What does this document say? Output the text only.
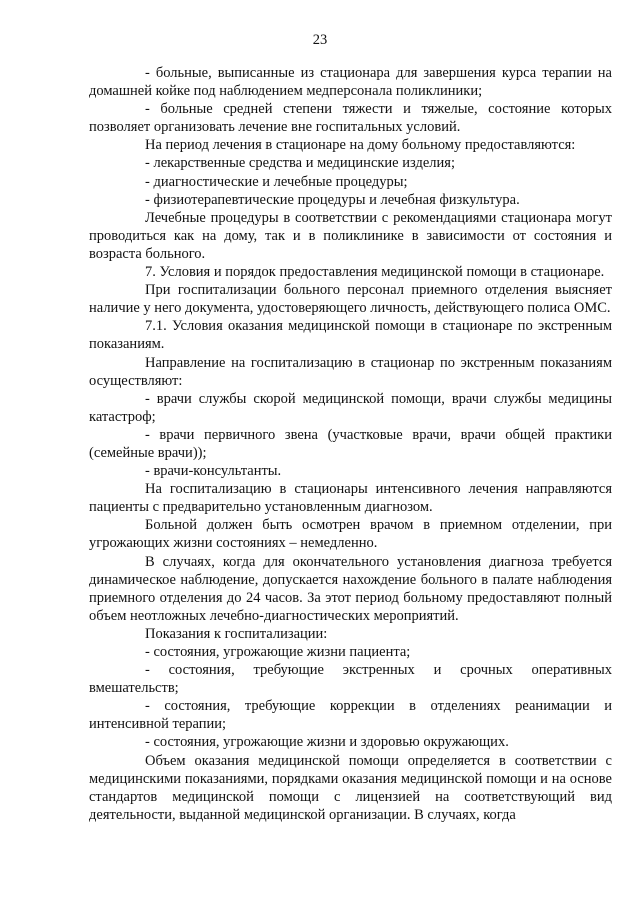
23

- больные, выписанные из стационара для завершения курса терапии на домашней койке под наблюдением медперсонала поликлиники;

- больные средней степени тяжести и тяжелые, состояние которых позволяет организовать лечение вне госпитальных условий.

На период лечения в стационаре на дому больному предоставляются:

- лекарственные средства и медицинские изделия;

- диагностические и лечебные процедуры;

- физиотерапевтические процедуры и лечебная физкультура.

Лечебные процедуры в соответствии с рекомендациями стационара могут проводиться как на дому, так и в поликлинике в зависимости от состояния и возраста больного.

7. Условия и порядок предоставления медицинской помощи в стационаре.

При госпитализации больного персонал приемного отделения выясняет наличие у него документа, удостоверяющего личность, действующего полиса ОМС.

7.1. Условия оказания медицинской помощи в стационаре по экстренным показаниям.

Направление на госпитализацию в стационар по экстренным показаниям осуществляют:

- врачи службы скорой медицинской помощи, врачи службы медицины катастроф;

- врачи первичного звена (участковые врачи, врачи общей практики (семейные врачи));

- врачи-консультанты.

На госпитализацию в стационары интенсивного лечения направляются пациенты с предварительно установленным диагнозом.

Больной должен быть осмотрен врачом в приемном отделении, при угрожающих жизни состояниях – немедленно.

В случаях, когда для окончательного установления диагноза требуется динамическое наблюдение, допускается нахождение больного в палате наблюдения приемного отделения до 24 часов. За этот период больному предоставляют полный объем неотложных лечебно-диагностических мероприятий.

Показания к госпитализации:

- состояния, угрожающие жизни пациента;

- состояния, требующие экстренных и срочных оперативных вмешательств;

- состояния, требующие коррекции в отделениях реанимации и интенсивной терапии;

- состояния, угрожающие жизни и здоровью окружающих.

Объем оказания медицинской помощи определяется в соответствии с медицинскими показаниями, порядками оказания медицинской помощи и на основе стандартов медицинской помощи с лицензией на соответствующий вид деятельности, выданной медицинской организации. В случаях, когда
